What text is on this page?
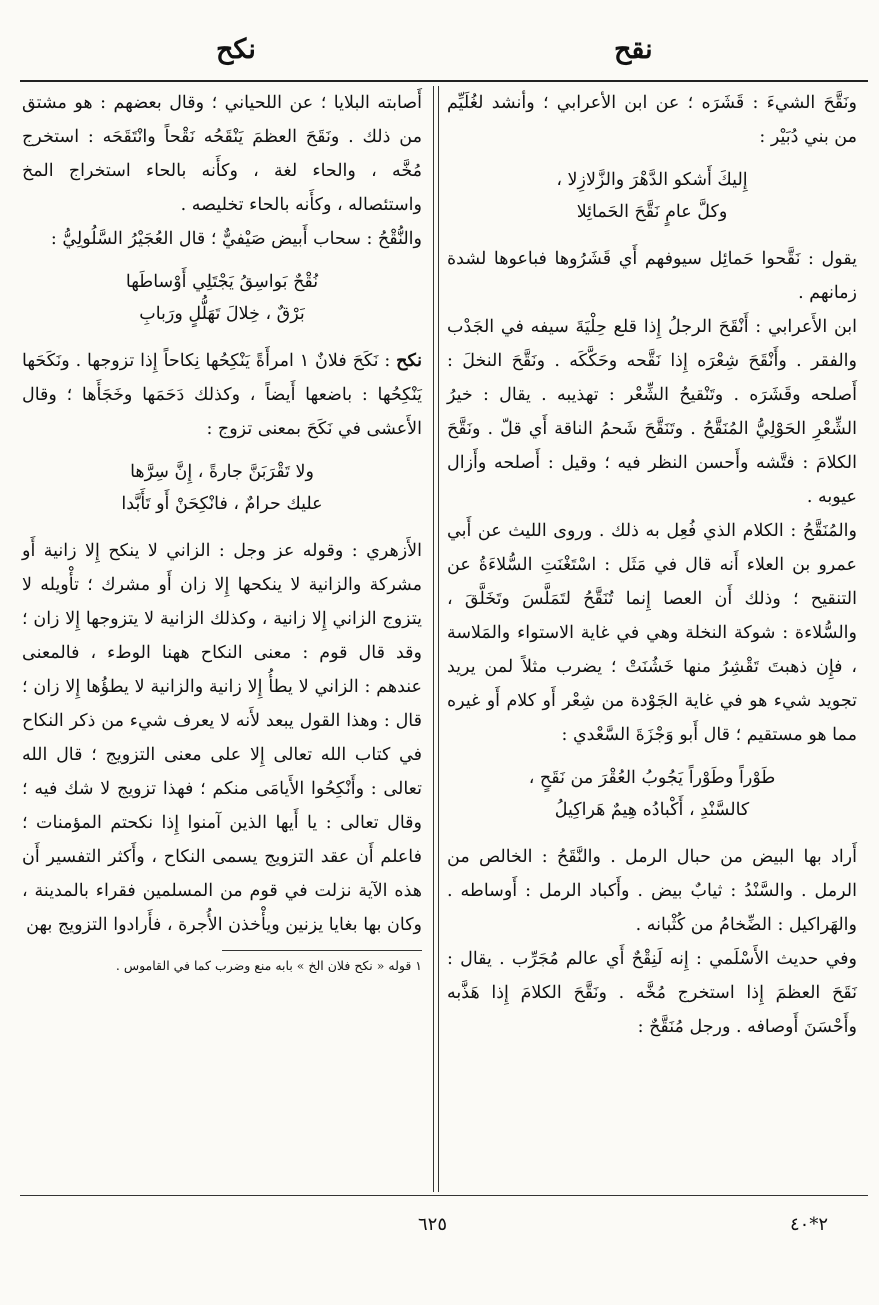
نقح
نكح

ونَقَّحَ الشيءَ : قَشَرَه ؛ عن ابن الأعرابي ؛ وأنشد لغُلَيِّم من بني دُبَيْر :

إِليكَ أَشكو الدَّهْرَ والزَّلازِلا ،
وكلَّ عامٍ نَقَّحَ الحَمائِلا

يقول : نَقَّحوا حَمائِل سيوفهم أَي قَشَرُوها فباعوها لشدة زمانهم .

ابن الأَعرابي : أَنْقَحَ الرجلُ إِذا قلع حِلْيَةَ سيفه في الجَدْب والفقر . وأَنْقَحَ شِعْرَه إِذا نَقَّحه وحَكَّكَه . ونَقَّحَ النخلَ : أَصلحه وقَشَرَه . وتَنْقيحُ الشِّعْر : تهذيبه . يقال : خيرُ الشِّعْرِ الحَوْلِيُّ المُنَقَّحُ . وتَنَقَّحَ شَحمُ الناقة أَي قلّ . ونَقَّحَ الكلامَ : فتَّشه وأَحسن النظر فيه ؛ وقيل : أَصلحه وأَزال عيوبه .

والمُنَقَّحُ : الكلام الذي فُعِل به ذلك . وروى الليث عن أَبي عمرو بن العلاء أَنه قال في مَثَل : اسْتَغْنَتِ السُّلاءَةُ عن التنقيح ؛ وذلك أَن العصا إِنما تُنَقَّحُ لتَمَلَّسَ وتَخَلَّقَ ، والسُّلاءة : شوكة النخلة وهي في غاية الاستواء والمَلاسة ، فإِن ذهبتَ تَقْشِرُ منها خَشُنَتْ ؛ يضرب مثلاً لمن يريد تجويد شيء هو في غاية الجَوْدة من شِعْر أَو كلام أَو غيره مما هو مستقيم ؛ قال أَبو وَجْزَةَ السَّعْدي :

طَوْراً وطَوْراً يَجُوبُ العُقْرَ من نَقَحٍ ،
كالسَّنْدِ ، أَكْبادُه هِيمٌ هَراكِيلُ

أَراد بها البيض من حبال الرمل . والنَّقَحُ : الخالص من الرمل . والسَّنْدُ : ثيابٌ بيض . وأَكباد الرمل : أَوساطه . والهَراكيل : الضِّخامُ من كُثْبانه .

وفي حديث الأَسْلَمي : إِنه لَنِقْحٌ أَي عالم مُجَرِّب . يقال : نَقَحَ العظمَ إِذا استخرج مُخَّه . ونَقَّحَ الكلامَ إِذا هَذَّبه وأَحْسَنَ أَوصافه . ورجل مُنَقَّحٌ :

أَصابته البلايا ؛ عن اللحياني ؛ وقال بعضهم : هو مشتق من ذلك . ونَقَحَ العظمَ يَنْقَحُه نَقْحاً وانْتَقَحَه : استخرج مُخَّه ، والحاء لغة ، وكأَنه بالحاء استخراج المخ واستئصاله ، وكأَنه بالحاء تخليصه .

والنُّقْحُ : سحاب أَبيض صَيْفيٌّ ؛ قال العُجَيْرُ السَّلُولِيُّ :

نُقْحٌ بَواسِقُ يَجْتَلِي أَوْساطَها
بَرْقٌ ، خِلالَ تَهَلُّلٍ ورَبابِ

نكح : نَكَحَ فلانٌ ١ امرأَةً يَنْكِحُها نِكاحاً إِذا تزوجها . ونَكَحَها يَنْكِحُها : باضعها أَيضاً ، وكذلك دَحَمَها وخَجَأَها ؛ وقال الأَعشى في نَكَحَ بمعنى تزوج :

ولا تَقْرَبَنَّ جارةً ، إِنَّ سِرَّها
عليك حرامٌ ، فانْكِحَنْ أَو تَأَبَّدا

الأَزهري : وقوله عز وجل : الزاني لا ينكح إِلا زانية أَو مشركة والزانية لا ينكحها إِلا زان أَو مشرك ؛ تأْويله لا يتزوج الزاني إِلا زانية ، وكذلك الزانية لا يتزوجها إِلا زان ؛ وقد قال قوم : معنى النكاح ههنا الوطء ، فالمعنى عندهم : الزاني لا يطأُ إِلا زانية والزانية لا يطؤُها إِلا زان ؛ قال : وهذا القول يبعد لأَنه لا يعرف شيء من ذكر النكاح في كتاب الله تعالى إِلا على معنى التزويج ؛ قال الله تعالى : وأَنْكِحُوا الأَيامَى منكم ؛ فهذا تزويج لا شك فيه ؛ وقال تعالى : يا أَيها الذين آمنوا إِذا نكحتم المؤمنات ؛ فاعلم أَن عقد التزويج يسمى النكاح ، وأَكثر التفسير أَن هذه الآية نزلت في قوم من المسلمين فقراء بالمدينة ، وكان بها بغايا يزنين ويأْخذن الأُجرة ، فأَرادوا التزويج بهن

١ قوله « نكح فلان الخ » بابه منع وضرب كما في القاموس .
٦٢٥	٢*٤٠
